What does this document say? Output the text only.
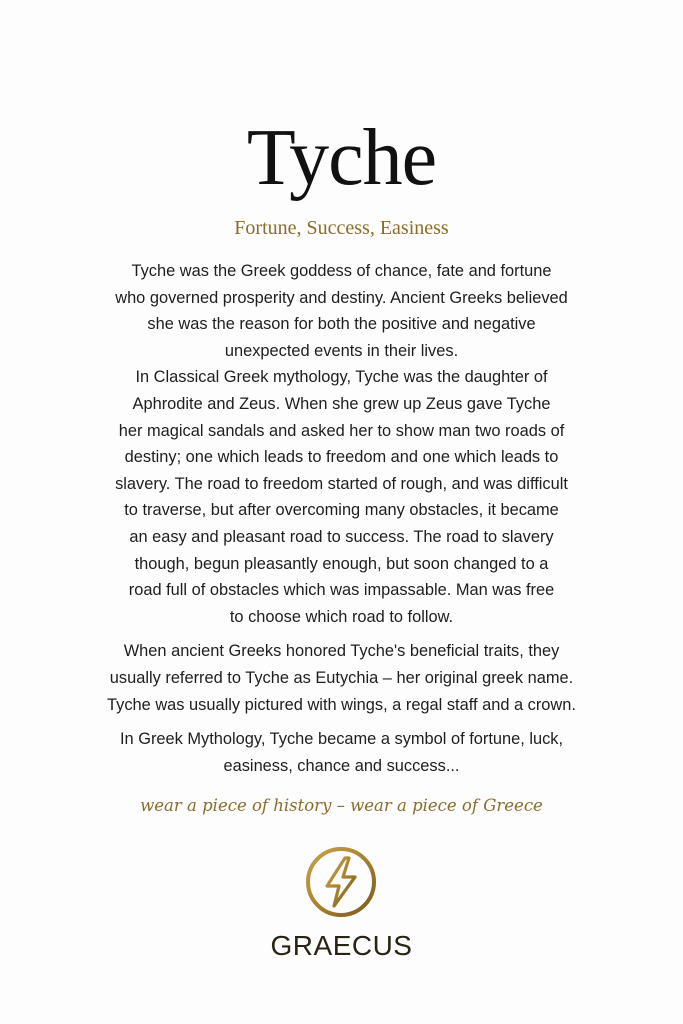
Tyche
Fortune, Success, Easiness
Tyche was the Greek goddess of chance, fate and fortune
who governed prosperity and destiny. Ancient Greeks believed
she was the reason for both the positive and negative
unexpected events in their lives.
In Classical Greek mythology, Tyche was the daughter of
Aphrodite and Zeus. When she grew up Zeus gave Tyche
her magical sandals and asked her to show man two roads of
destiny; one which leads to freedom and one which leads to
slavery. The road to freedom started of rough, and was difficult
to traverse, but after overcoming many obstacles, it became
an easy and pleasant road to success. The road to slavery
though, begun pleasantly enough, but soon changed to a
road full of obstacles which was impassable. Man was free
to choose which road to follow.
When ancient Greeks honored Tyche's beneficial traits, they
usually referred to Tyche as Eutychia – her original greek name.
Tyche was usually pictured with wings, a regal staff and a crown.
In Greek Mythology, Tyche became a symbol of fortune, luck,
easiness, chance and success...
wear a piece of history – wear a piece of Greece
GRAECUS
